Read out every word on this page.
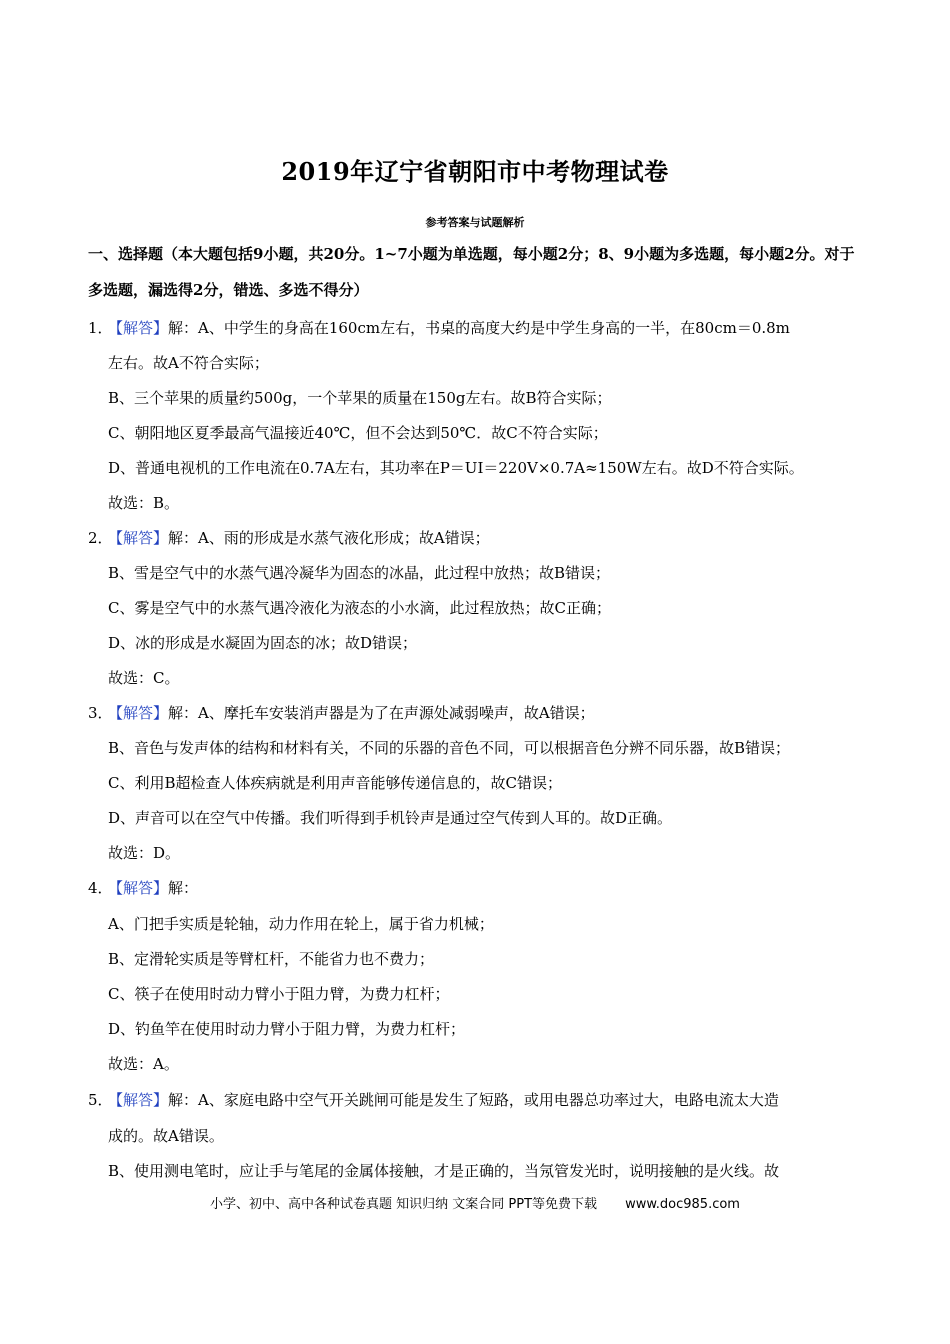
2019年辽宁省朝阳市中考物理试卷
参考答案与试题解析
一、选择题（本大题包括9小题，共20分。1~7小题为单选题，每小题2分；8、9小题为多选题，每小题2分。对于多选题，漏选得2分，错选、多选不得分）
1．【解答】解：A、中学生的身高在160cm左右，书桌的高度大约是中学生身高的一半，在80cm＝0.8m
左右。故A不符合实际；
B、三个苹果的质量约500g，一个苹果的质量在150g左右。故B符合实际；
C、朝阳地区夏季最高气温接近40℃，但不会达到50℃．故C不符合实际；
D、普通电视机的工作电流在0.7A左右，其功率在P＝UI＝220V×0.7A≈150W左右。故D不符合实际。
故选：B。
2．【解答】解：A、雨的形成是水蒸气液化形成；故A错误；
B、雪是空气中的水蒸气遇冷凝华为固态的冰晶，此过程中放热；故B错误；
C、雾是空气中的水蒸气遇冷液化为液态的小水滴，此过程放热；故C正确；
D、冰的形成是水凝固为固态的冰；故D错误；
故选：C。
3．【解答】解：A、摩托车安装消声器是为了在声源处减弱噪声，故A错误；
B、音色与发声体的结构和材料有关，不同的乐器的音色不同，可以根据音色分辨不同乐器，故B错误；
C、利用B超检查人体疾病就是利用声音能够传递信息的，故C错误；
D、声音可以在空气中传播。我们听得到手机铃声是通过空气传到人耳的。故D正确。
故选：D。
4．【解答】解：
A、门把手实质是轮轴，动力作用在轮上，属于省力机械；
B、定滑轮实质是等臂杠杆，不能省力也不费力；
C、筷子在使用时动力臂小于阻力臂，为费力杠杆；
D、钓鱼竿在使用时动力臂小于阻力臂，为费力杠杆；
故选：A。
5．【解答】解：A、家庭电路中空气开关跳闸可能是发生了短路，或用电器总功率过大，电路电流太大造
成的。故A错误。
B、使用测电笔时，应让手与笔尾的金属体接触，才是正确的，当氖管发光时，说明接触的是火线。故
小学、初中、高中各种试卷真题 知识归纳 文案合同 PPT等免费下载 www.doc985.com
